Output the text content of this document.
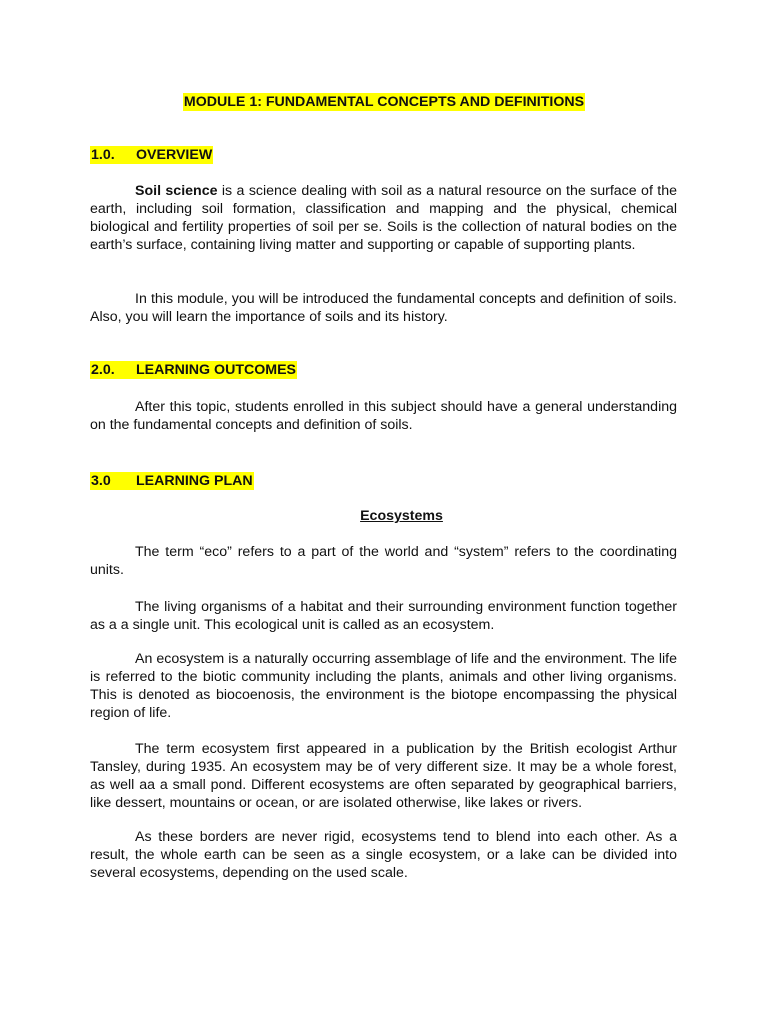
MODULE 1: FUNDAMENTAL CONCEPTS AND DEFINITIONS
1.0. OVERVIEW

Soil science is a science dealing with soil as a natural resource on the surface of the earth, including soil formation, classification and mapping and the physical, chemical biological and fertility properties of soil per se. Soils is the collection of natural bodies on the earth’s surface, containing living matter and supporting or capable of supporting plants.

In this module, you will be introduced the fundamental concepts and definition of soils. Also, you will learn the importance of soils and its history.

2.0. LEARNING OUTCOMES

After this topic, students enrolled in this subject should have a general understanding on the fundamental concepts and definition of soils.

3.0 LEARNING PLAN
Ecosystems

The term “eco” refers to a part of the world and “system” refers to the coordinating units.

The living organisms of a habitat and their surrounding environment function together as a a single unit. This ecological unit is called as an ecosystem.

An ecosystem is a naturally occurring assemblage of life and the environment. The life is referred to the biotic community including the plants, animals and other living organisms. This is denoted as biocoenosis, the environment is the biotope encompassing the physical region of life.

The term ecosystem first appeared in a publication by the British ecologist Arthur Tansley, during 1935. An ecosystem may be of very different size. It may be a whole forest, as well aa a small pond. Different ecosystems are often separated by geographical barriers, like dessert, mountains or ocean, or are isolated otherwise, like lakes or rivers.

As these borders are never rigid, ecosystems tend to blend into each other. As a result, the whole earth can be seen as a single ecosystem, or a lake can be divided into several ecosystems, depending on the used scale.
